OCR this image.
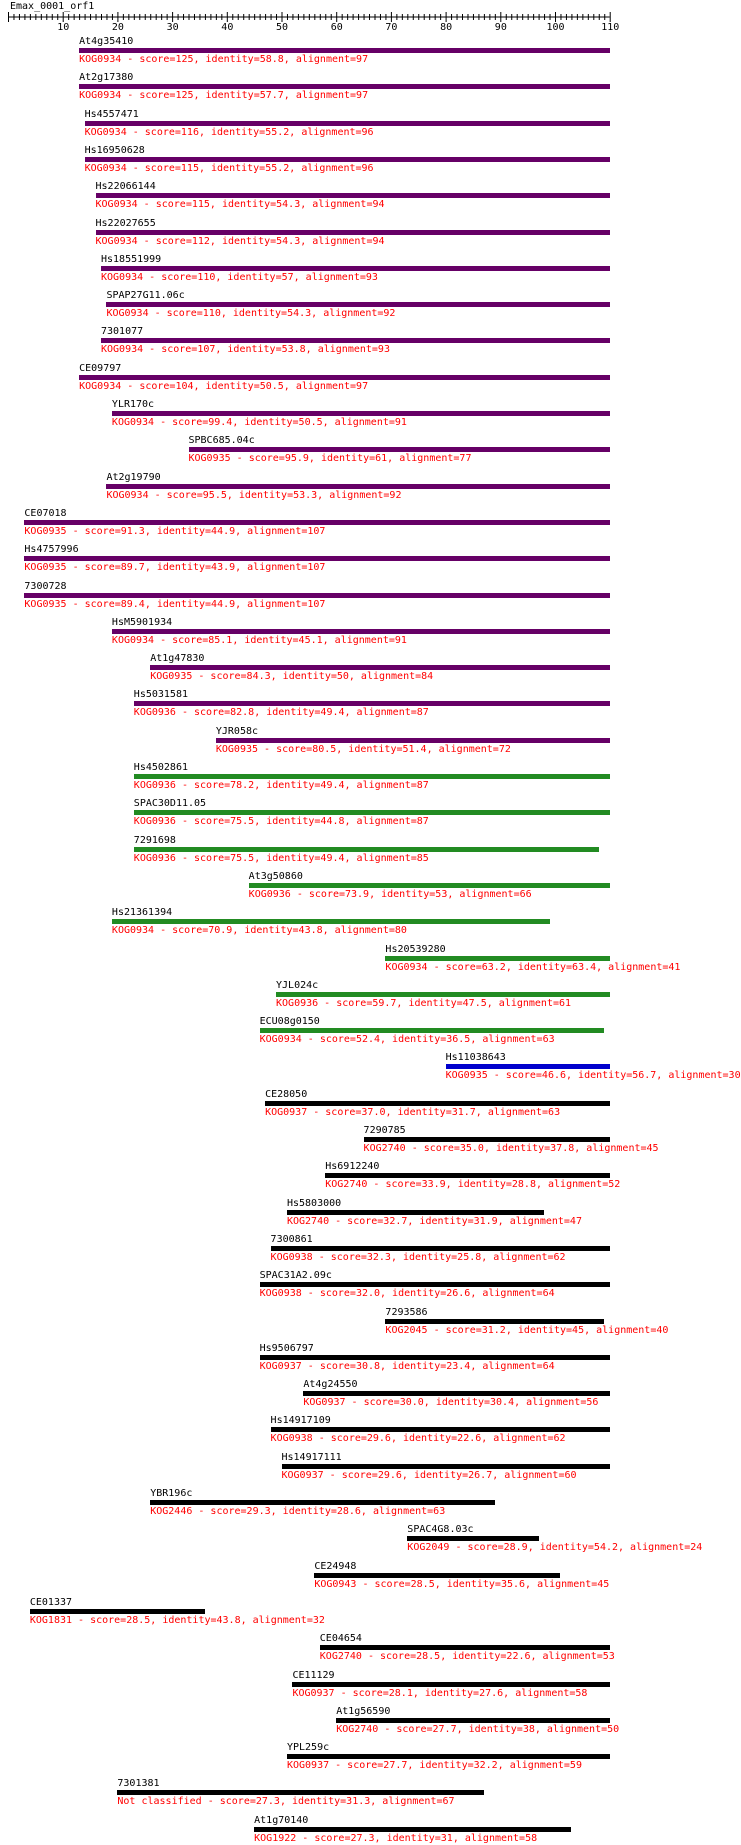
Emax_0001_orf1
10	20	30	40	50	60	70	80	90	100	110
At4g35410
KOG0934 - score=125, identity=58.8, alignment=97
At2g17380
KOG0934 - score=125, identity=57.7, alignment=97
Hs4557471
KOG0934 - score=116, identity=55.2, alignment=96
Hs16950628
KOG0934 - score=115, identity=55.2, alignment=96
Hs22066144
KOG0934 - score=115, identity=54.3, alignment=94
Hs22027655
KOG0934 - score=112, identity=54.3, alignment=94
Hs18551999
KOG0934 - score=110, identity=57, alignment=93
SPAP27G11.06c
KOG0934 - score=110, identity=54.3, alignment=92
7301077
KOG0934 - score=107, identity=53.8, alignment=93
CE09797
KOG0934 - score=104, identity=50.5, alignment=97
YLR170c
KOG0934 - score=99.4, identity=50.5, alignment=91
SPBC685.04c
KOG0935 - score=95.9, identity=61, alignment=77
At2g19790
KOG0934 - score=95.5, identity=53.3, alignment=92
CE07018
KOG0935 - score=91.3, identity=44.9, alignment=107
Hs4757996
KOG0935 - score=89.7, identity=43.9, alignment=107
7300728
KOG0935 - score=89.4, identity=44.9, alignment=107
HsM5901934
KOG0934 - score=85.1, identity=45.1, alignment=91
At1g47830
KOG0935 - score=84.3, identity=50, alignment=84
Hs5031581
KOG0936 - score=82.8, identity=49.4, alignment=87
YJR058c
KOG0935 - score=80.5, identity=51.4, alignment=72
Hs4502861
KOG0936 - score=78.2, identity=49.4, alignment=87
SPAC30D11.05
KOG0936 - score=75.5, identity=44.8, alignment=87
7291698
KOG0936 - score=75.5, identity=49.4, alignment=85
At3g50860
KOG0936 - score=73.9, identity=53, alignment=66
Hs21361394
KOG0934 - score=70.9, identity=43.8, alignment=80
Hs20539280
KOG0934 - score=63.2, identity=63.4, alignment=41
YJL024c
KOG0936 - score=59.7, identity=47.5, alignment=61
ECU08g0150
KOG0934 - score=52.4, identity=36.5, alignment=63
Hs11038643
KOG0935 - score=46.6, identity=56.7, alignment=30
CE28050
KOG0937 - score=37.0, identity=31.7, alignment=63
7290785
KOG2740 - score=35.0, identity=37.8, alignment=45
Hs6912240
KOG2740 - score=33.9, identity=28.8, alignment=52
Hs5803000
KOG2740 - score=32.7, identity=31.9, alignment=47
7300861
KOG0938 - score=32.3, identity=25.8, alignment=62
SPAC31A2.09c
KOG0938 - score=32.0, identity=26.6, alignment=64
7293586
KOG2045 - score=31.2, identity=45, alignment=40
Hs9506797
KOG0937 - score=30.8, identity=23.4, alignment=64
At4g24550
KOG0937 - score=30.0, identity=30.4, alignment=56
Hs14917109
KOG0938 - score=29.6, identity=22.6, alignment=62
Hs14917111
KOG0937 - score=29.6, identity=26.7, alignment=60
YBR196c
KOG2446 - score=29.3, identity=28.6, alignment=63
SPAC4G8.03c
KOG2049 - score=28.9, identity=54.2, alignment=24
CE24948
KOG0943 - score=28.5, identity=35.6, alignment=45
CE01337
KOG1831 - score=28.5, identity=43.8, alignment=32
CE04654
KOG2740 - score=28.5, identity=22.6, alignment=53
CE11129
KOG0937 - score=28.1, identity=27.6, alignment=58
At1g56590
KOG2740 - score=27.7, identity=38, alignment=50
YPL259c
KOG0937 - score=27.7, identity=32.2, alignment=59
7301381
Not classified - score=27.3, identity=31.3, alignment=67
At1g70140
KOG1922 - score=27.3, identity=31, alignment=58
